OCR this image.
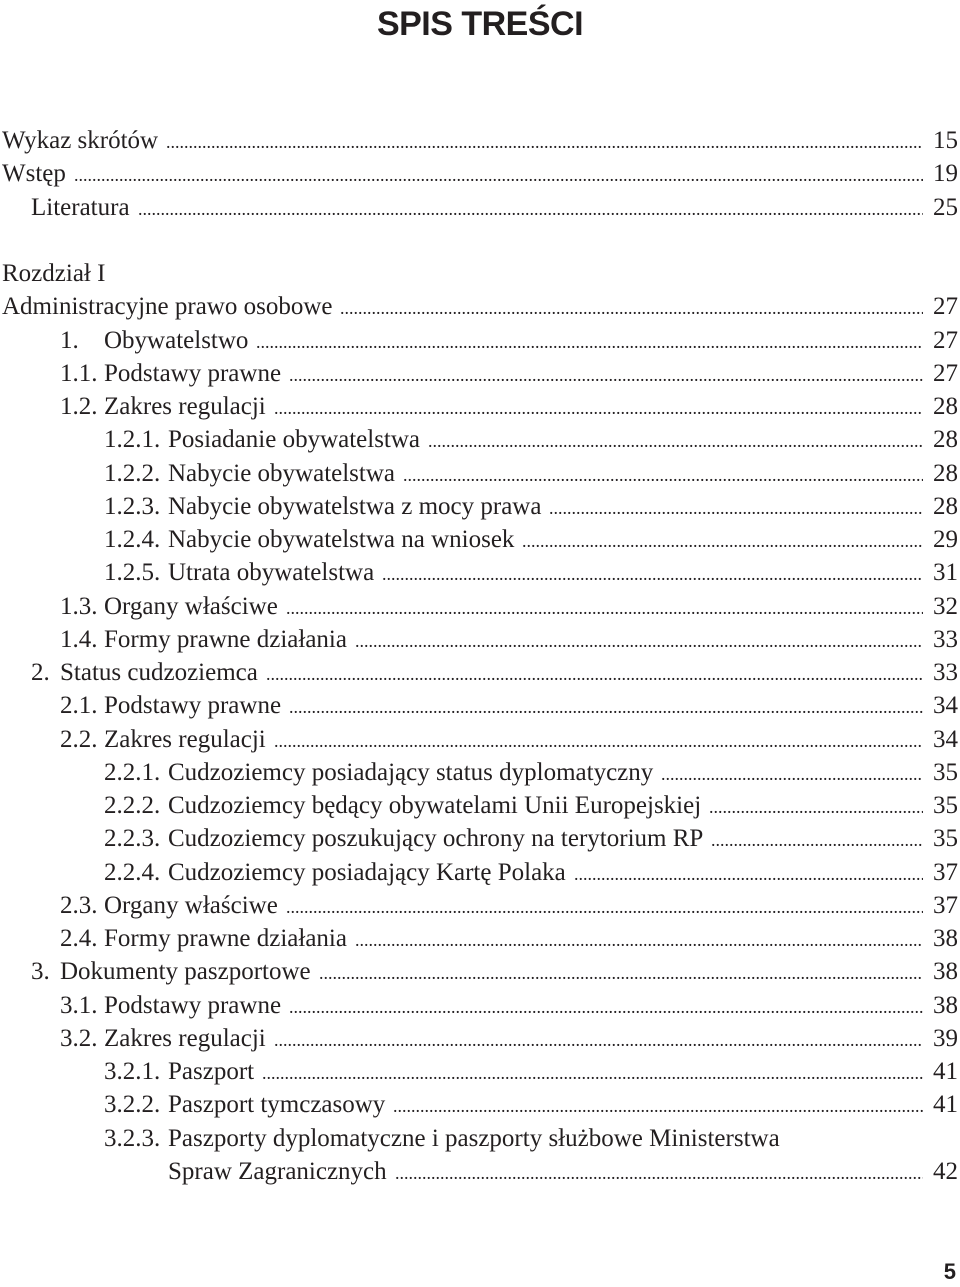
SPIS TREŚCI
Wykaz skrótów .....	15
Wstęp .....	19
Literatura .....	25
Rozdział I
Administracyjne prawo osobowe .....	27
1. Obywatelstwo .....	27
1.1. Podstawy prawne .....	27
1.2. Zakres regulacji .....	28
1.2.1. Posiadanie obywatelstwa .....	28
1.2.2. Nabycie obywatelstwa .....	28
1.2.3. Nabycie obywatelstwa z mocy prawa .....	28
1.2.4. Nabycie obywatelstwa na wniosek .....	29
1.2.5. Utrata obywatelstwa .....	31
1.3. Organy właściwe .....	32
1.4. Formy prawne działania .....	33
2. Status cudzoziemca .....	33
2.1. Podstawy prawne .....	34
2.2. Zakres regulacji .....	34
2.2.1. Cudzoziemcy posiadający status dyplomatyczny .....	35
2.2.2. Cudzoziemcy będący obywatelami Unii Europejskiej .....	35
2.2.3. Cudzoziemcy poszukujący ochrony na terytorium RP .....	35
2.2.4. Cudzoziemcy posiadający Kartę Polaka .....	37
2.3. Organy właściwe .....	37
2.4. Formy prawne działania .....	38
3. Dokumenty paszportowe .....	38
3.1. Podstawy prawne .....	38
3.2. Zakres regulacji .....	39
3.2.1. Paszport .....	41
3.2.2. Paszport tymczasowy .....	41
3.2.3. Paszporty dyplomatyczne i paszporty służbowe Ministerstwa
Spraw Zagranicznych .....	42
5
